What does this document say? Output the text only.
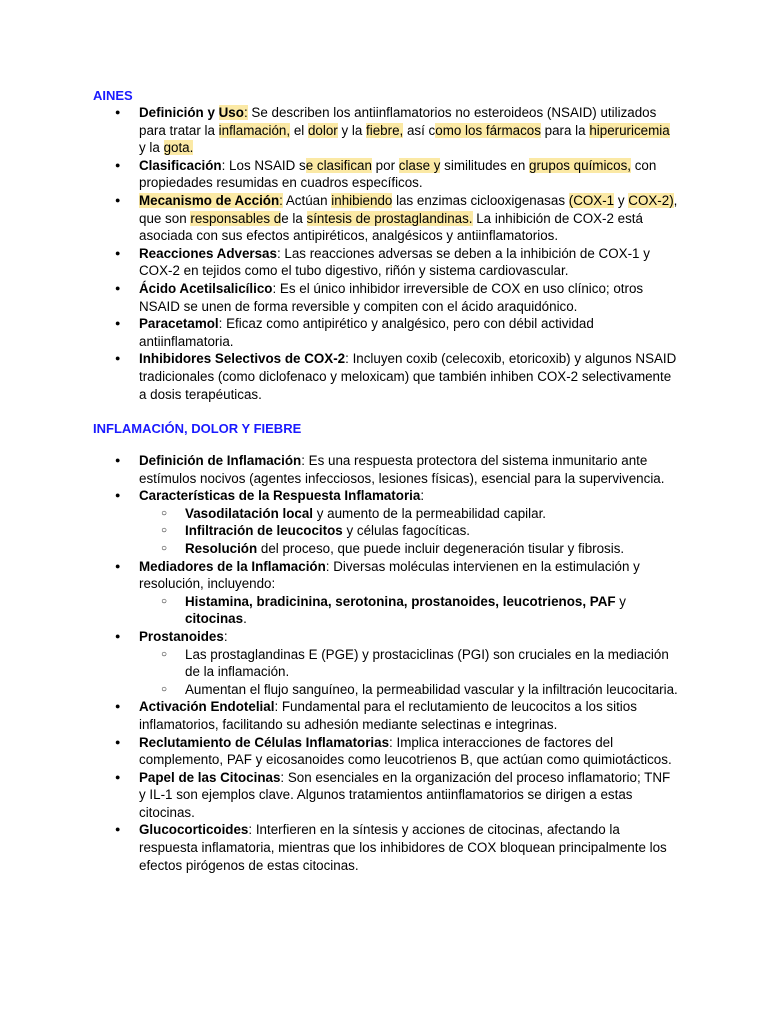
AINES
● Definición y Uso: Se describen los antiinflamatorios no esteroideos (NSAID) utilizados para tratar la inflamación, el dolor y la fiebre, así como los fármacos para la hiperuricemia y la gota.
● Clasificación: Los NSAID se clasifican por clase y similitudes en grupos químicos, con propiedades resumidas en cuadros específicos.
● Mecanismo de Acción: Actúan inhibiendo las enzimas ciclooxigenasas (COX-1 y COX-2), que son responsables de la síntesis de prostaglandinas. La inhibición de COX-2 está asociada con sus efectos antipiréticos, analgésicos y antiinflamatorios.
● Reacciones Adversas: Las reacciones adversas se deben a la inhibición de COX-1 y COX-2 en tejidos como el tubo digestivo, riñón y sistema cardiovascular.
● Ácido Acetilsalicílico: Es el único inhibidor irreversible de COX en uso clínico; otros NSAID se unen de forma reversible y compiten con el ácido araquidónico.
● Paracetamol: Eficaz como antipirético y analgésico, pero con débil actividad antiinflamatoria.
● Inhibidores Selectivos de COX-2: Incluyen coxib (celecoxib, etoricoxib) y algunos NSAID tradicionales (como diclofenaco y meloxicam) que también inhiben COX-2 selectivamente a dosis terapéuticas.
INFLAMACIÓN, DOLOR Y FIEBRE
● Definición de Inflamación: Es una respuesta protectora del sistema inmunitario ante estímulos nocivos (agentes infecciosos, lesiones físicas), esencial para la supervivencia.
● Características de la Respuesta Inflamatoria:
○ Vasodilatación local y aumento de la permeabilidad capilar.
○ Infiltración de leucocitos y células fagocíticas.
○ Resolución del proceso, que puede incluir degeneración tisular y fibrosis.
● Mediadores de la Inflamación: Diversas moléculas intervienen en la estimulación y resolución, incluyendo:
○ Histamina, bradicinina, serotonina, prostanoides, leucotrienos, PAF y citocinas.
● Prostanoides:
○ Las prostaglandinas E (PGE) y prostaciclinas (PGI) son cruciales en la mediación de la inflamación.
○ Aumentan el flujo sanguíneo, la permeabilidad vascular y la infiltración leucocitaria.
● Activación Endotelial: Fundamental para el reclutamiento de leucocitos a los sitios inflamatorios, facilitando su adhesión mediante selectinas e integrinas.
● Reclutamiento de Células Inflamatorias: Implica interacciones de factores del complemento, PAF y eicosanoides como leucotrienos B, que actúan como quimiotácticos.
● Papel de las Citocinas: Son esenciales en la organización del proceso inflamatorio; TNF y IL-1 son ejemplos clave. Algunos tratamientos antiinflamatorios se dirigen a estas citocinas.
● Glucocorticoides: Interfieren en la síntesis y acciones de citocinas, afectando la respuesta inflamatoria, mientras que los inhibidores de COX bloquean principalmente los efectos pirógenos de estas citocinas.
